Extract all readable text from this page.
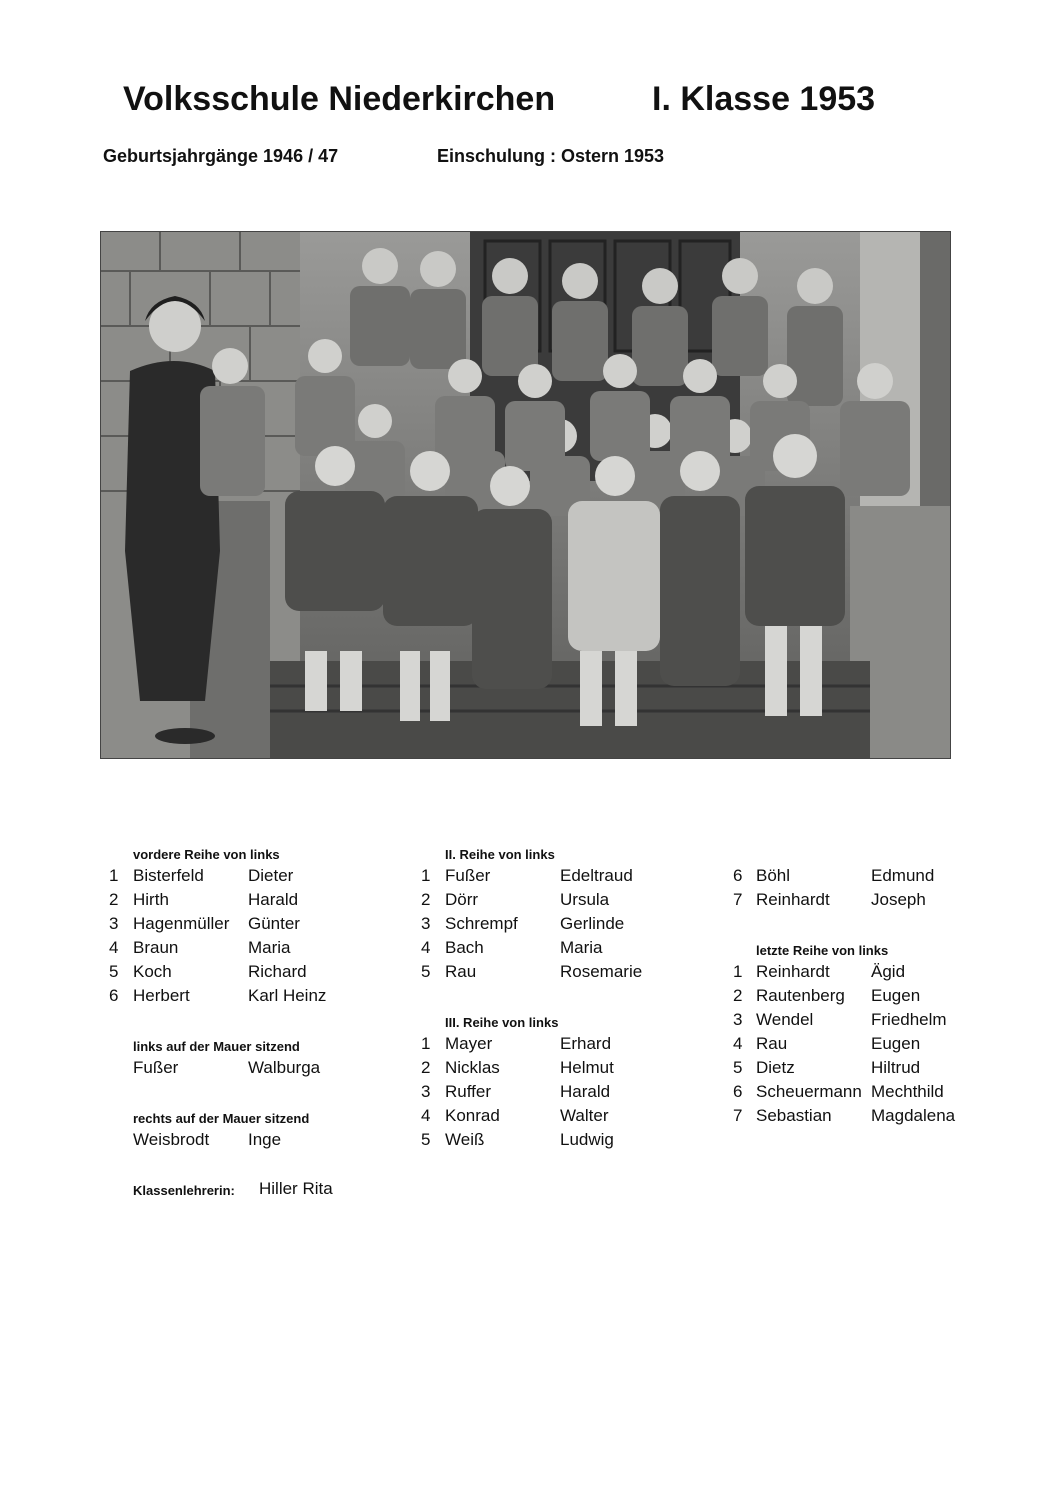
Volksschule Niederkirchen	I. Klasse 1953
Geburtsjahrgänge 1946 / 47	Einschulung : Ostern 1953
vordere Reihe von links
1 Bisterfeld	Dieter
2 Hirth	Harald
3 Hagenmüller Günter
4 Braun	Maria
5 Koch	Richard
6 Herbert	Karl Heinz
links auf der Mauer sitzend
Fußer	Walburga
rechts auf der Mauer sitzend
Weisbrodt Inge
Klassenlehrerin: Hiller Rita
II. Reihe von links
1 Fußer	Edeltraud
2 Dörr	Ursula
3 Schrempf Gerlinde
4 Bach	Maria
5 Rau	Rosemarie
III. Reihe von links
1 Mayer	Erhard
2 Nicklas	Helmut
3 Ruffer	Harald
4 Konrad	Walter
5 Weiß	Ludwig
6 Böhl	Edmund
7 Reinhardt Joseph
letzte Reihe von links
1 Reinhardt Ägid
2 Rautenberg Eugen
3 Wendel	Friedhelm
4 Rau	Eugen
5 Dietz	Hiltrud
6 Scheuermann Mechthild
7 Sebastian Magdalena
